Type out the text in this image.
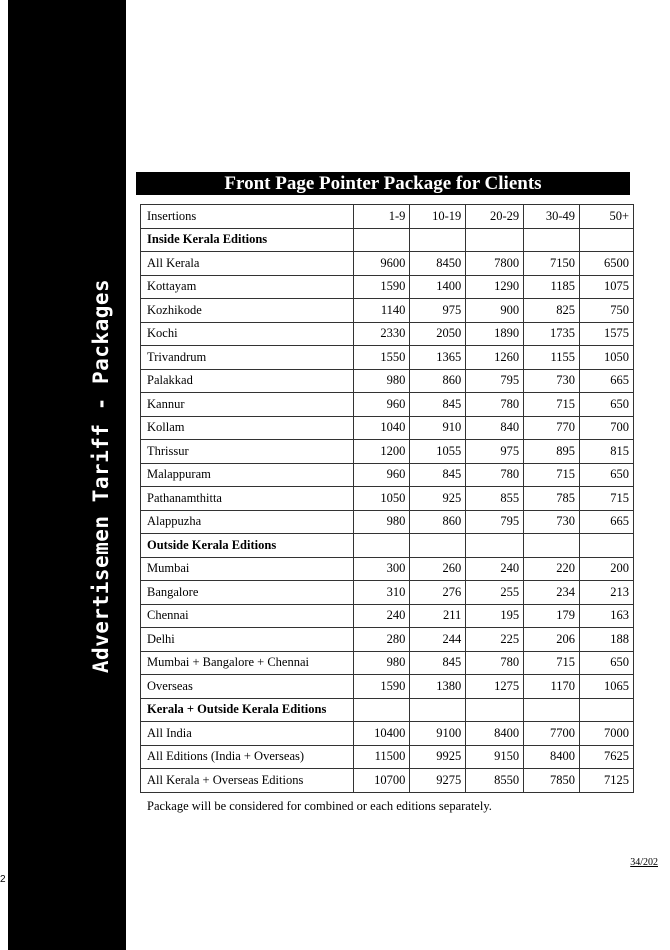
Advertisemen Tariff - Packages
2
Front Page Pointer Package for Clients
Insertions	1-9	10-19	20-29	30-49	50+
Inside Kerala Editions					
All Kerala	9600	8450	7800	7150	6500
Kottayam	1590	1400	1290	1185	1075
Kozhikode	1140	975	900	825	750
Kochi	2330	2050	1890	1735	1575
Trivandrum	1550	1365	1260	1155	1050
Palakkad	980	860	795	730	665
Kannur	960	845	780	715	650
Kollam	1040	910	840	770	700
Thrissur	1200	1055	975	895	815
Malappuram	960	845	780	715	650
Pathanamthitta	1050	925	855	785	715
Alappuzha	980	860	795	730	665
Outside Kerala Editions					
Mumbai	300	260	240	220	200
Bangalore	310	276	255	234	213
Chennai	240	211	195	179	163
Delhi	280	244	225	206	188
Mumbai + Bangalore + Chennai	980	845	780	715	650
Overseas	1590	1380	1275	1170	1065
Kerala + Outside Kerala Editions					
All India	10400	9100	8400	7700	7000
All Editions (India + Overseas)	11500	9925	9150	8400	7625
All Kerala + Overseas Editions	10700	9275	8550	7850	7125
Package will be considered for combined or each editions separately.
34/202
